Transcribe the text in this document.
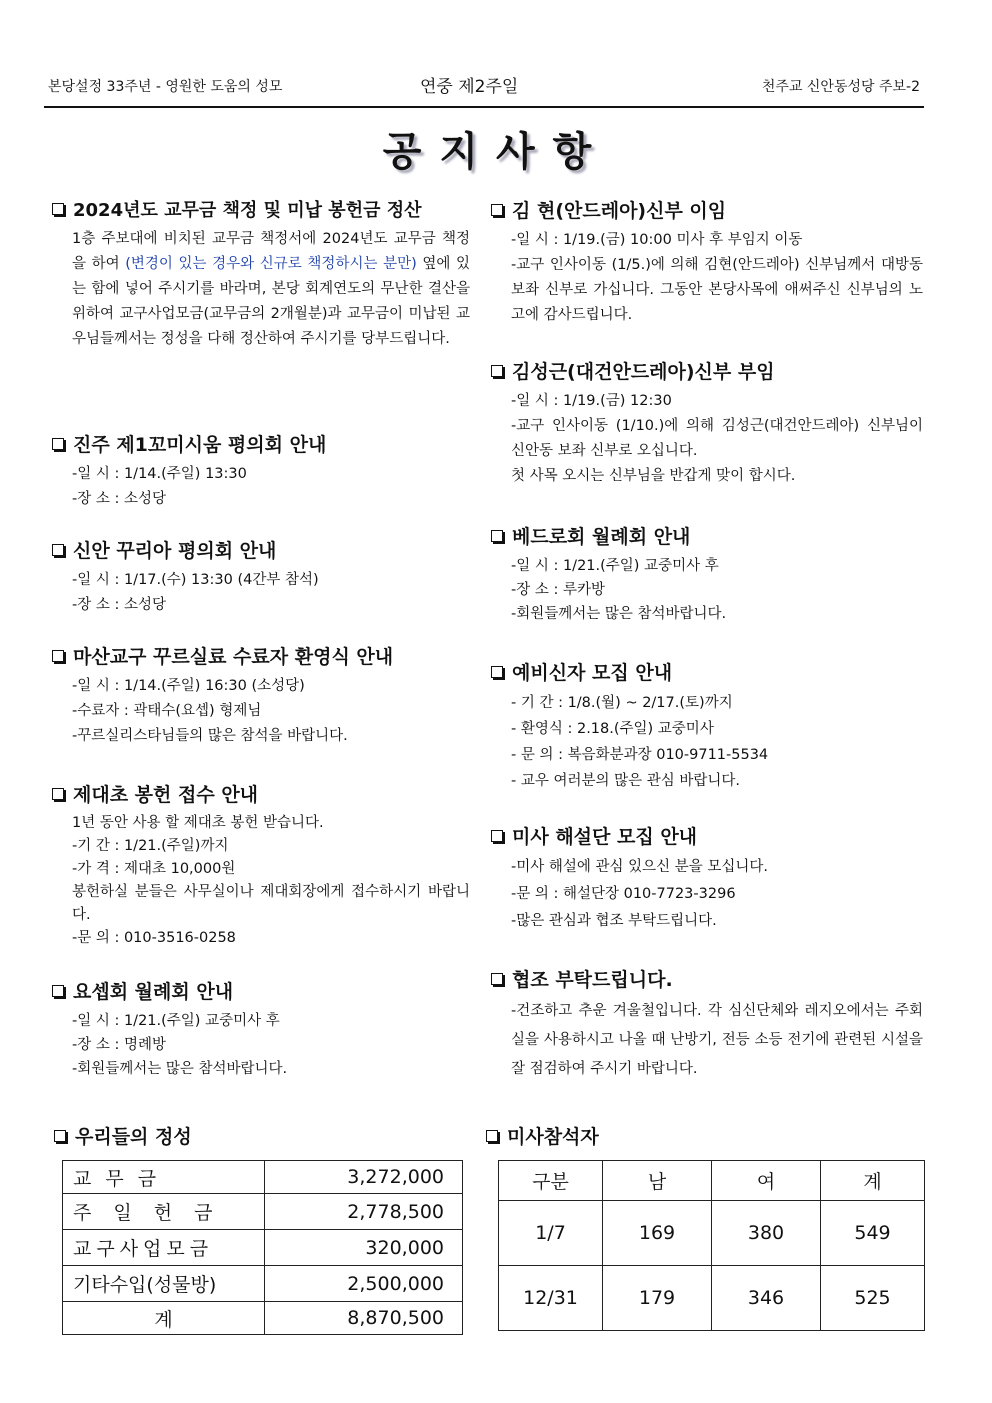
본당설정 33주년 - 영원한 도움의 성모	연중 제2주일	천주교 신안동성당 주보-2
공지사항
2024년도 교무금 책정 및 미납 봉헌금 정산

1층 주보대에 비치된 교무금 책정서에 2024년도 교무금 책정을 하여 (변경이 있는 경우와 신규로 책정하시는 분만) 옆에 있는 함에 넣어 주시기를 바라며, 본당 회계연도의 무난한 결산을 위하여 교구사업모금(교무금의 2개월분)과 교무금이 미납된 교우님들께서는 정성을 다해 정산하여 주시기를 당부드립니다.

진주 제1꼬미시움 평의회 안내

-일 시 : 1/14.(주일) 13:30

-장 소 : 소성당

신안 꾸리아 평의회 안내

-일 시 : 1/17.(수) 13:30 (4간부 참석)

-장 소 : 소성당

마산교구 꾸르실료 수료자 환영식 안내

-일 시 : 1/14.(주일) 16:30 (소성당)

-수료자 : 곽태수(요셉) 형제님

-꾸르실리스타님들의 많은 참석을 바랍니다.

제대초 봉헌 접수 안내

1년 동안 사용 할 제대초 봉헌 받습니다.

-기 간 : 1/21.(주일)까지

-가 격 : 제대초 10,000원

봉헌하실 분들은 사무실이나 제대회장에게 접수하시기 바랍니다.

-문 의 : 010-3516-0258

요셉회 월례회 안내

-일 시 : 1/21.(주일) 교중미사 후

-장 소 : 명례방

-회원들께서는 많은 참석바랍니다.

김 현(안드레아)신부 이임

-일 시 : 1/19.(금) 10:00 미사 후 부임지 이동

-교구 인사이동 (1/5.)에 의해 김현(안드레아) 신부님께서 대방동 보좌 신부로 가십니다. 그동안 본당사목에 애써주신 신부님의 노고에 감사드립니다.

김성근(대건안드레아)신부 부임

-일 시 : 1/19.(금) 12:30

-교구 인사이동 (1/10.)에 의해 김성근(대건안드레아) 신부님이 신안동 보좌 신부로 오십니다.

첫 사목 오시는 신부님을 반갑게 맞이 합시다.

베드로회 월례회 안내

-일 시 : 1/21.(주일) 교중미사 후

-장 소 : 루카방

-회원들께서는 많은 참석바랍니다.

예비신자 모집 안내

- 기 간 : 1/8.(월) ~ 2/17.(토)까지

- 환영식 : 2.18.(주일) 교중미사

- 문 의 : 복음화분과장 010-9711-5534

- 교우 여러분의 많은 관심 바랍니다.

미사 해설단 모집 안내

-미사 해설에 관심 있으신 분을 모십니다.

-문 의 : 해설단장 010-7723-3296

-많은 관심과 협조 부탁드립니다.

협조 부탁드립니다.

-건조하고 추운 겨울철입니다. 각 심신단체와 레지오에서는 주회실을 사용하시고 나올 때 난방기, 전등 소등 전기에 관련된 시설을 잘 점검하여 주시기 바랍니다.

우리들의 정성
교 무 금	3,272,000
주 일 헌 금	2,778,500
교구사업모금	320,000
기타수입(성물방)	2,500,000
계	8,870,500
미사참석자
구분	남	여	계
1/7	169	380	549
12/31	179	346	525
